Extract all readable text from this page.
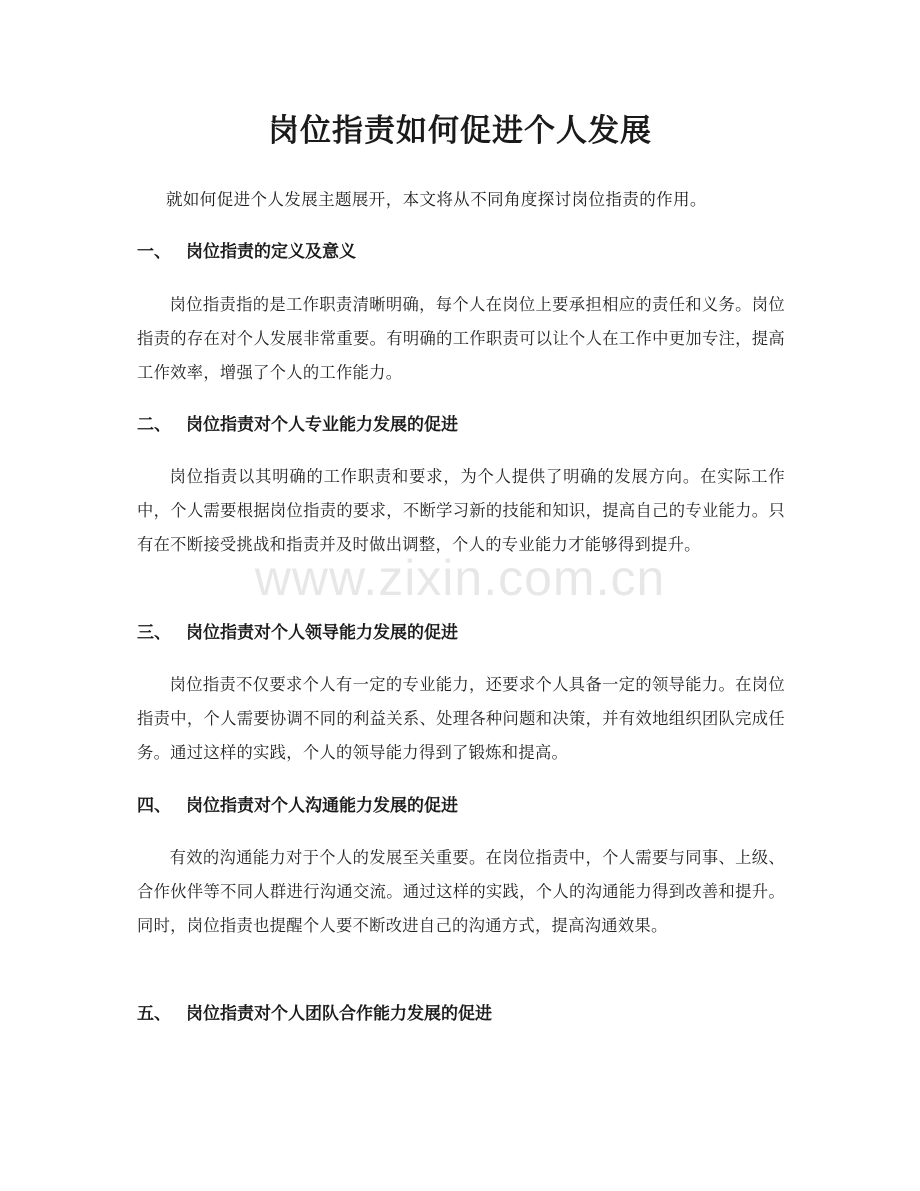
岗位指责如何促进个人发展
就如何促进个人发展主题展开，本文将从不同角度探讨岗位指责的作用。
一、 岗位指责的定义及意义
岗位指责指的是工作职责清晰明确，每个人在岗位上要承担相应的责任和义务。岗位指责的存在对个人发展非常重要。有明确的工作职责可以让个人在工作中更加专注，提高工作效率，增强了个人的工作能力。
二、 岗位指责对个人专业能力发展的促进
岗位指责以其明确的工作职责和要求，为个人提供了明确的发展方向。在实际工作中，个人需要根据岗位指责的要求，不断学习新的技能和知识，提高自己的专业能力。只有在不断接受挑战和指责并及时做出调整，个人的专业能力才能够得到提升。
三、 岗位指责对个人领导能力发展的促进
岗位指责不仅要求个人有一定的专业能力，还要求个人具备一定的领导能力。在岗位指责中，个人需要协调不同的利益关系、处理各种问题和决策，并有效地组织团队完成任务。通过这样的实践，个人的领导能力得到了锻炼和提高。
四、 岗位指责对个人沟通能力发展的促进
有效的沟通能力对于个人的发展至关重要。在岗位指责中，个人需要与同事、上级、合作伙伴等不同人群进行沟通交流。通过这样的实践，个人的沟通能力得到改善和提升。同时，岗位指责也提醒个人要不断改进自己的沟通方式，提高沟通效果。
五、 岗位指责对个人团队合作能力发展的促进
www.zixin.com.cn
